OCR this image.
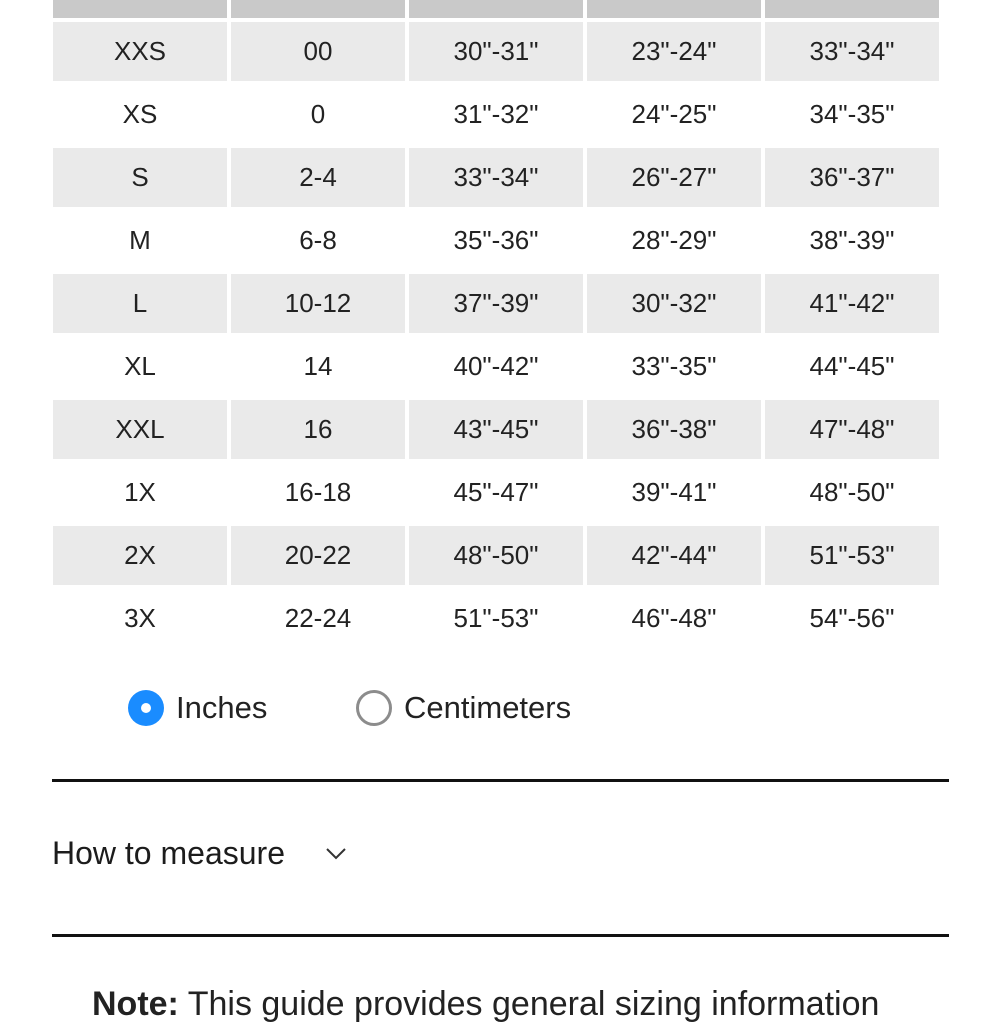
XXS	00	30"-31"	23"-24"	33"-34"
XS	0	31"-32"	24"-25"	34"-35"
S	2-4	33"-34"	26"-27"	36"-37"
M	6-8	35"-36"	28"-29"	38"-39"
L	10-12	37"-39"	30"-32"	41"-42"
XL	14	40"-42"	33"-35"	44"-45"
XXL	16	43"-45"	36"-38"	47"-48"
1X	16-18	45"-47"	39"-41"	48"-50"
2X	20-22	48"-50"	42"-44"	51"-53"
3X	22-24	51"-53"	46"-48"	54"-56"
Inches	Centimeters
How to measure
Note: This guide provides general sizing information
